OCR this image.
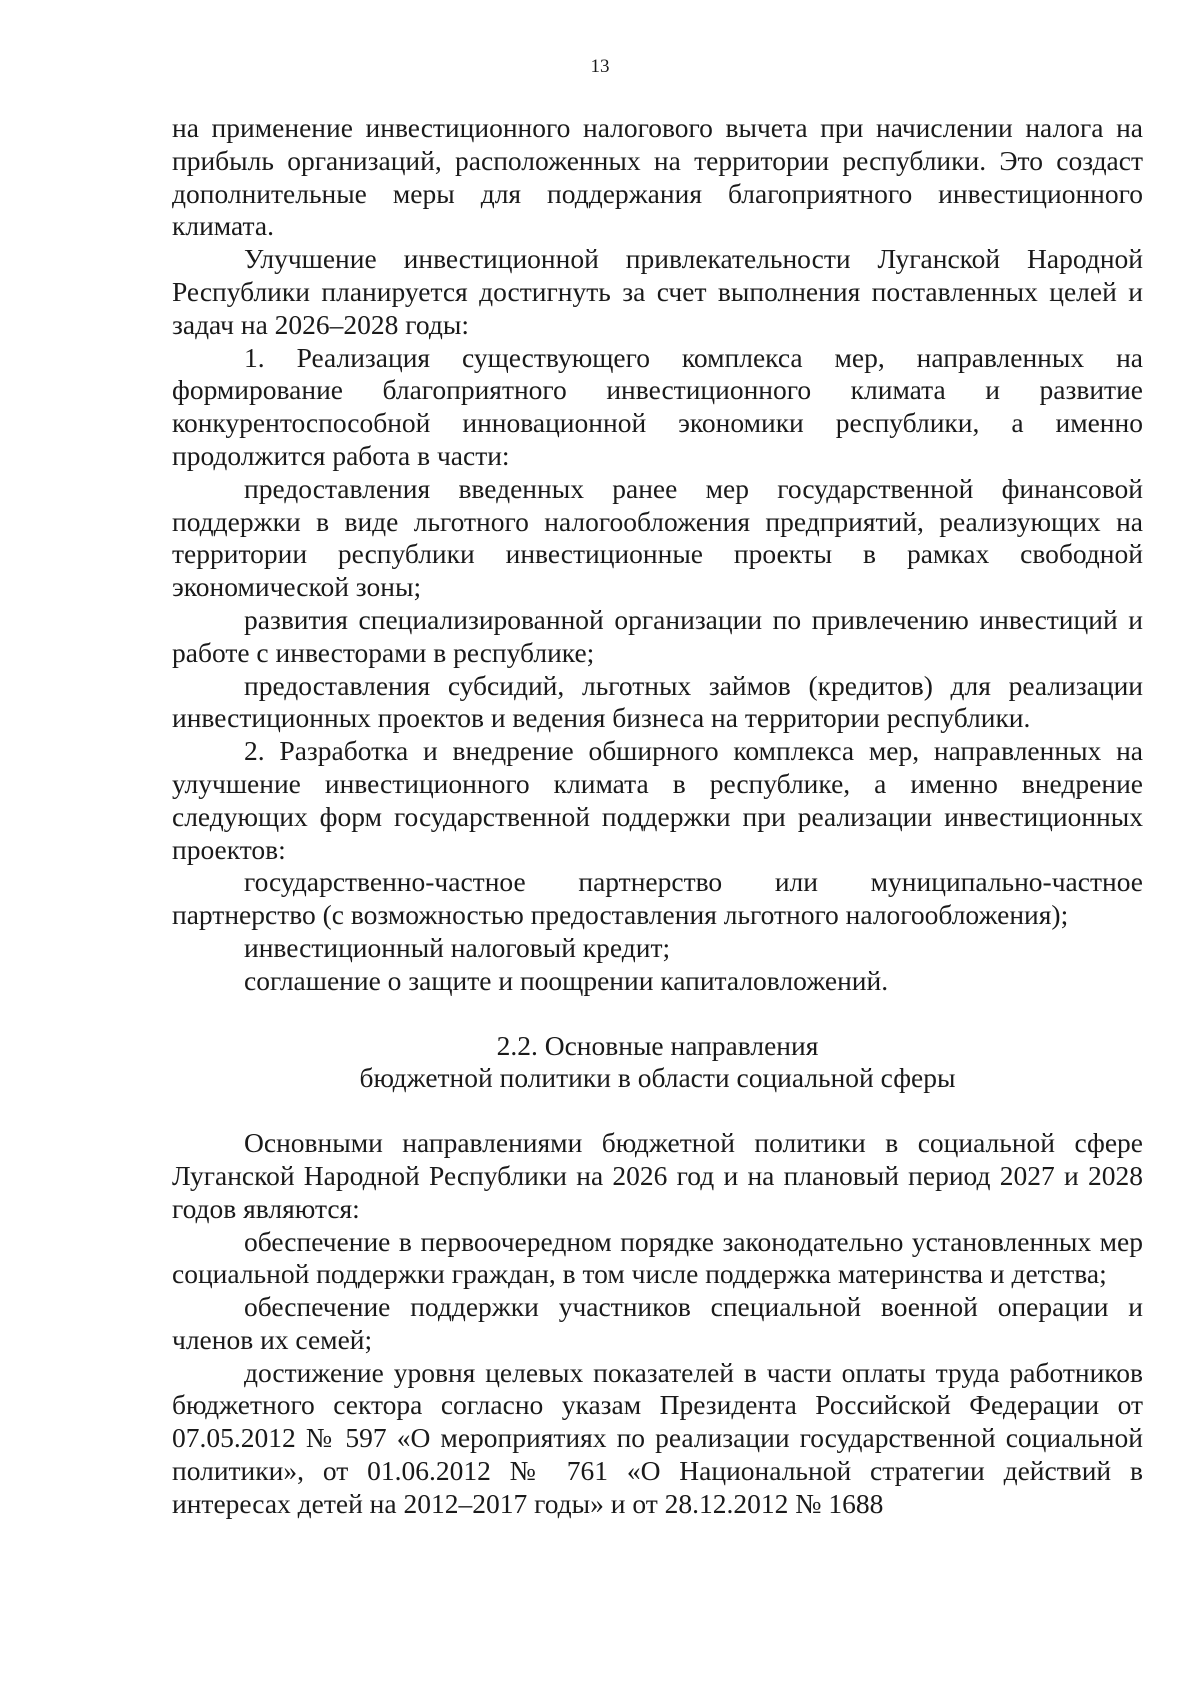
13

на применение инвестиционного налогового вычета при начислении налога на прибыль организаций, расположенных на территории республики. Это создаст дополнительные меры для поддержания благоприятного инвестиционного климата.

Улучшение инвестиционной привлекательности Луганской Народной Республики планируется достигнуть за счет выполнения поставленных целей и задач на 2026–2028 годы:

1. Реализация существующего комплекса мер, направленных на формирование благоприятного инвестиционного климата и развитие конкурентоспособной инновационной экономики республики, а именно продолжится работа в части:

предоставления введенных ранее мер государственной финансовой поддержки в виде льготного налогообложения предприятий, реализующих на территории республики инвестиционные проекты в рамках свободной экономической зоны;

развития специализированной организации по привлечению инвестиций и работе с инвесторами в республике;

предоставления субсидий, льготных займов (кредитов) для реализации инвестиционных проектов и ведения бизнеса на территории республики.

2. Разработка и внедрение обширного комплекса мер, направленных на улучшение инвестиционного климата в республике, а именно внедрение следующих форм государственной поддержки при реализации инвестиционных проектов:

государственно-частное партнерство или муниципально-частное партнерство (с возможностью предоставления льготного налогообложения);

инвестиционный налоговый кредит;

соглашение о защите и поощрении капиталовложений.

2.2. Основные направления
бюджетной политики в области социальной сферы

Основными направлениями бюджетной политики в социальной сфере Луганской Народной Республики на 2026 год и на плановый период 2027 и 2028 годов являются:

обеспечение в первоочередном порядке законодательно установленных мер социальной поддержки граждан, в том числе поддержка материнства и детства;

обеспечение поддержки участников специальной военной операции и членов их семей;

достижение уровня целевых показателей в части оплаты труда работников бюджетного сектора согласно указам Президента Российской Федерации от 07.05.2012 № 597 «О мероприятиях по реализации государственной социальной политики», от 01.06.2012 № 761 «О Национальной стратегии действий в интересах детей на 2012–2017 годы» и от 28.12.2012 № 1688
